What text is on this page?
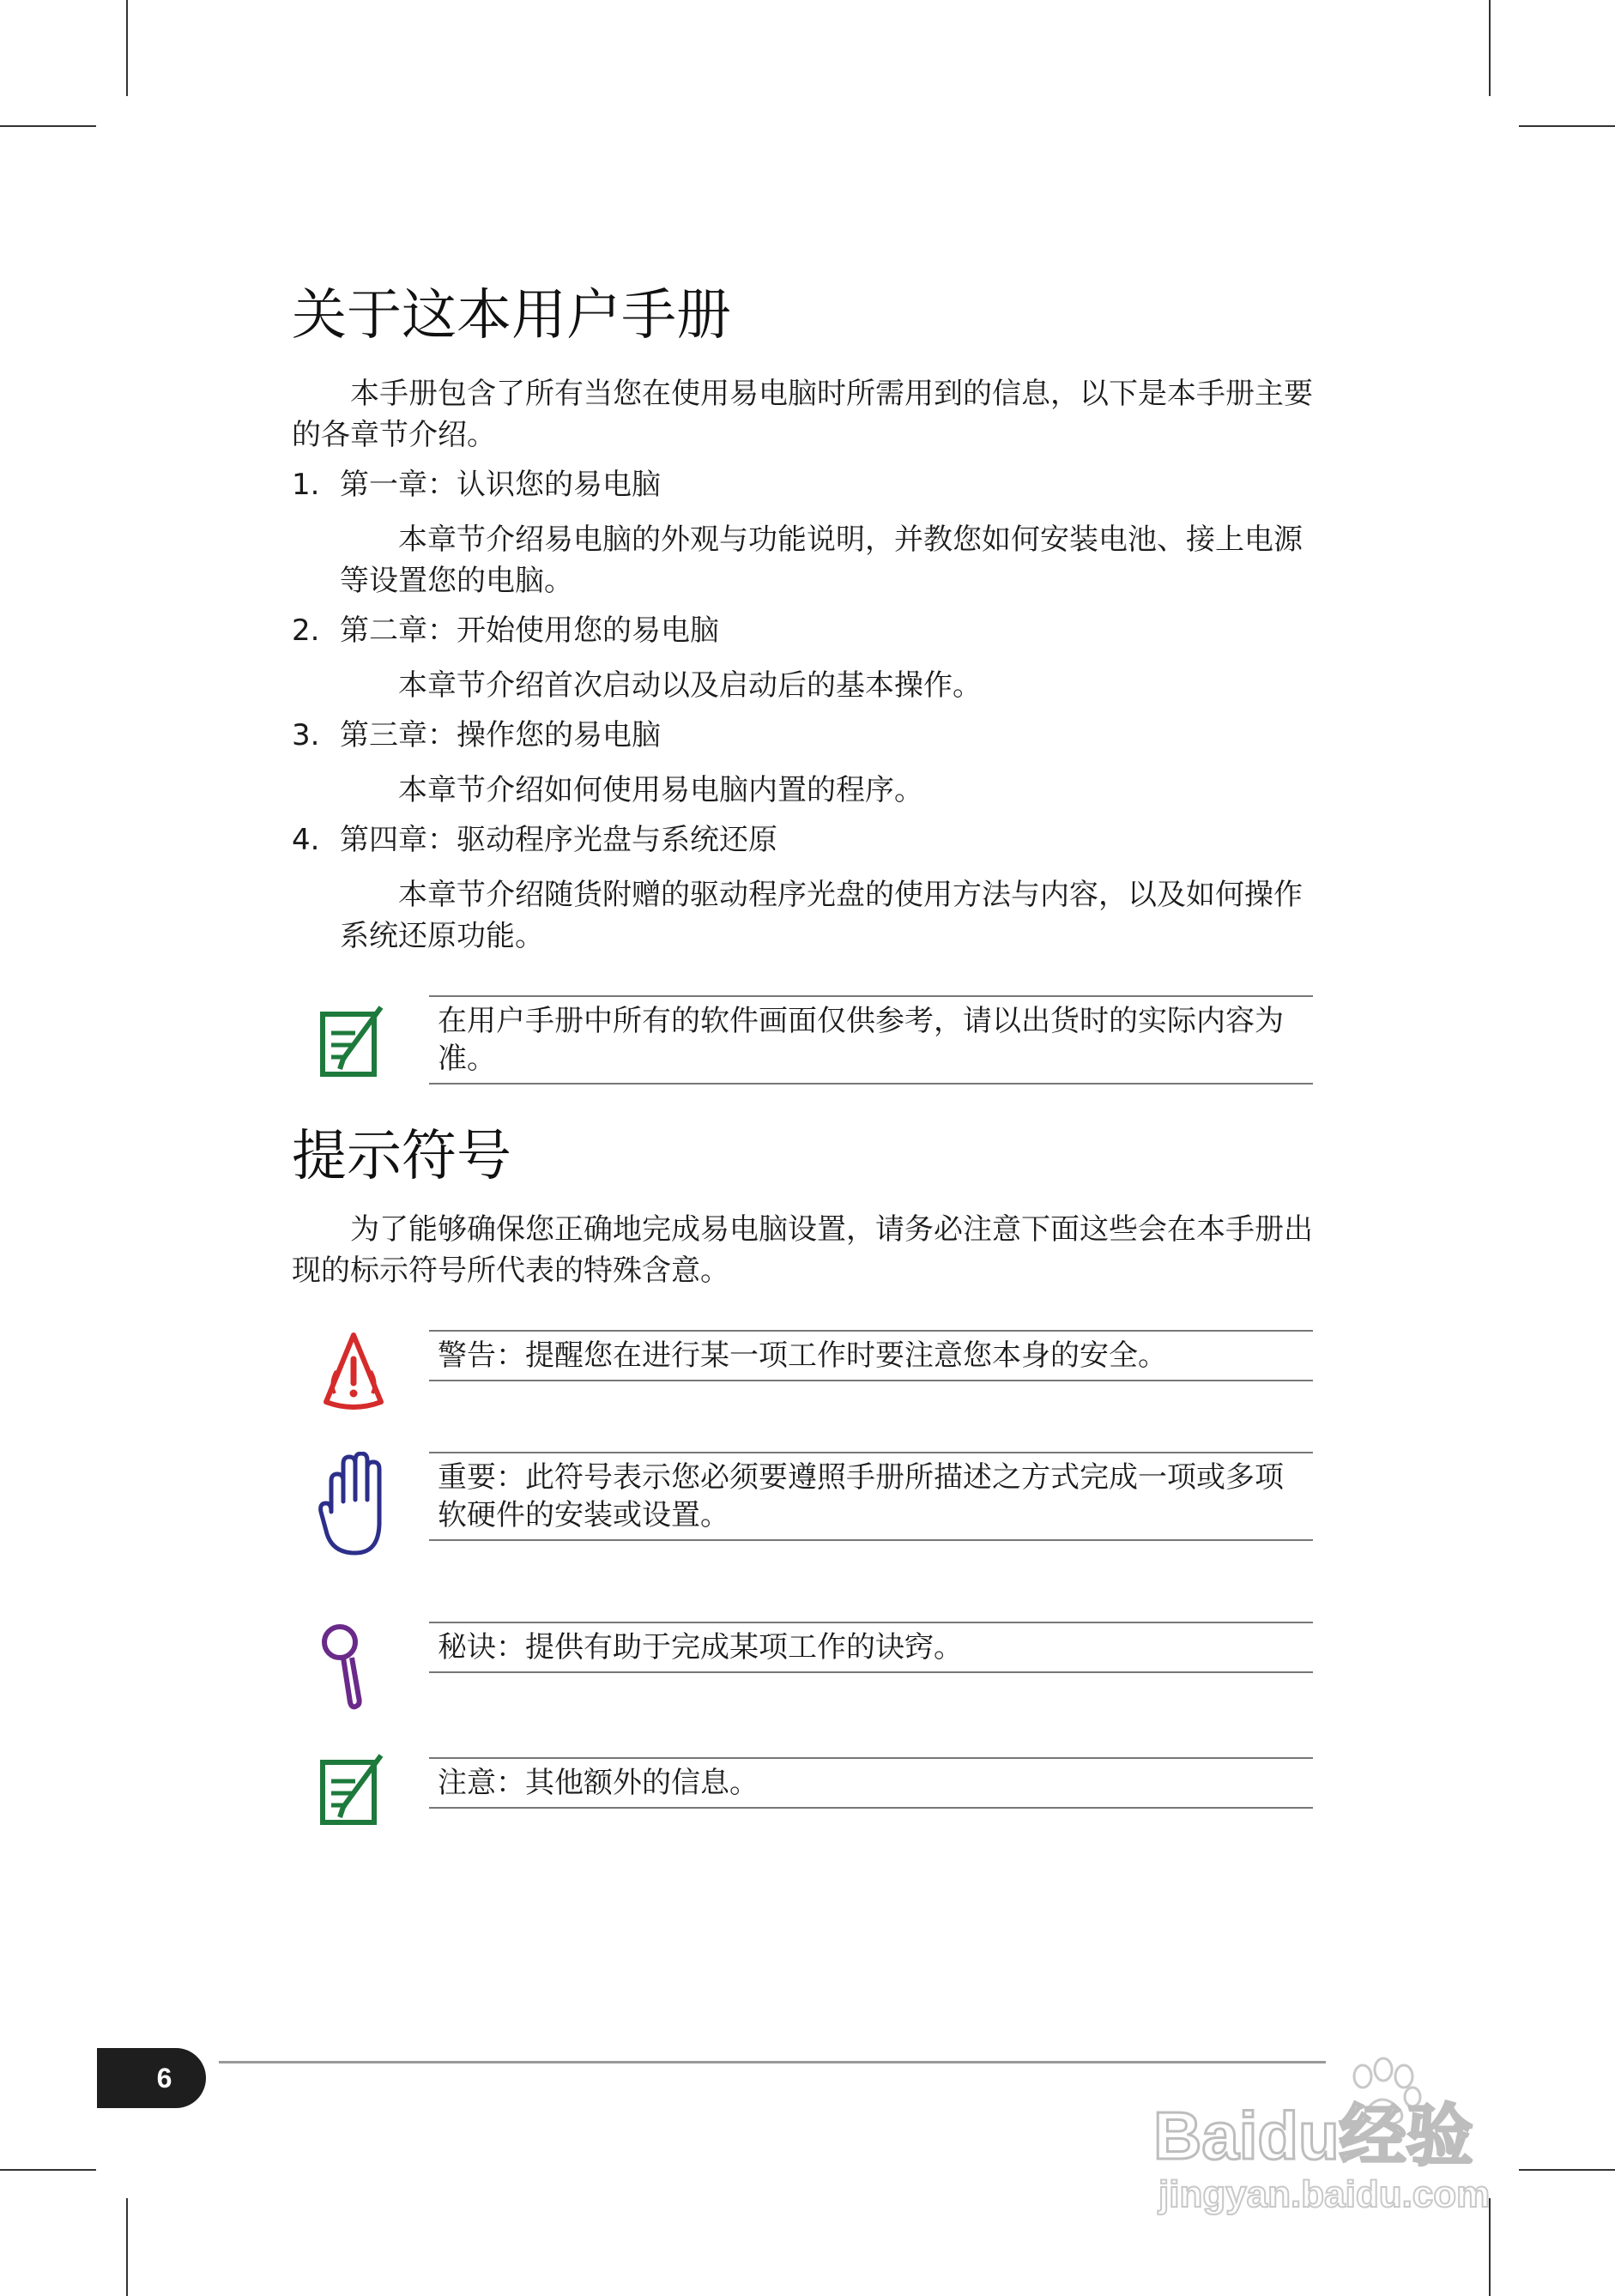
关于这本用户手册

本手册包含了所有当您在使用易电脑时所需用到的信息，以下是本手册主要的各章节介绍。

1. 第一章：认识您的易电脑

本章节介绍易电脑的外观与功能说明，并教您如何安装电池、接上电源等设置您的电脑。

2. 第二章：开始使用您的易电脑

本章节介绍首次启动以及启动后的基本操作。

3. 第三章：操作您的易电脑

本章节介绍如何使用易电脑内置的程序。

4. 第四章：驱动程序光盘与系统还原

本章节介绍随货附赠的驱动程序光盘的使用方法与内容，以及如何操作系统还原功能。

在用户手册中所有的软件画面仅供参考，请以出货时的实际内容为准。
提示符号

为了能够确保您正确地完成易电脑设置，请务必注意下面这些会在本手册出现的标示符号所代表的特殊含意。

警告：提醒您在进行某一项工作时要注意您本身的安全。
重要：此符号表示您必须要遵照手册所描述之方式完成一项或多项软硬件的安装或设置。
秘诀：提供有助于完成某项工作的诀窍。
注意：其他额外的信息。
6
Baidu经验
jingyan.baidu.com
